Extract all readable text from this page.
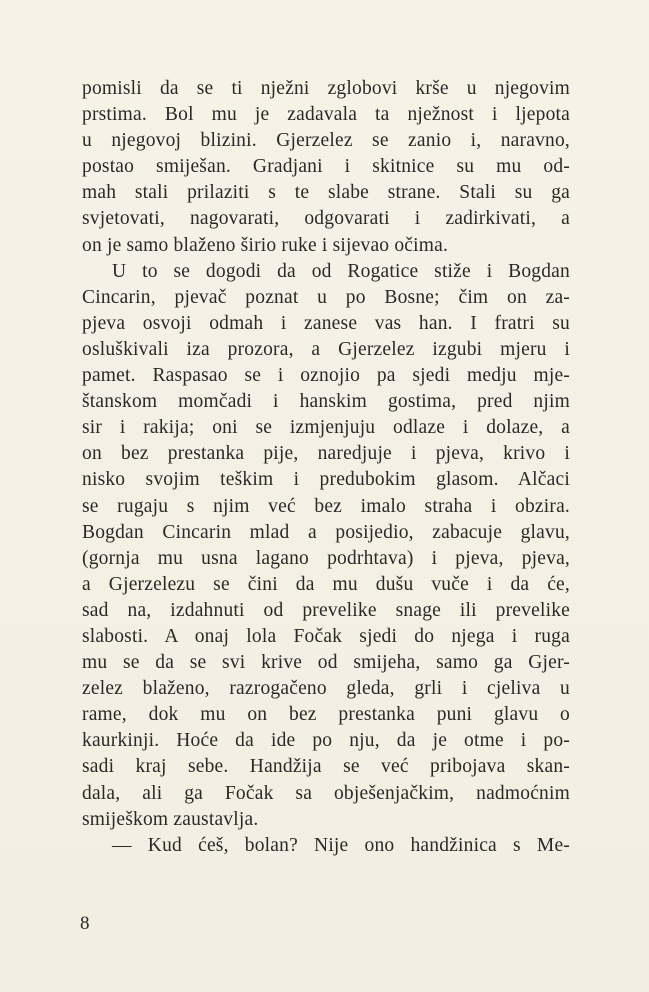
pomisli da se ti nježni zglobovi krše u njegovim
prstima. Bol mu je zadavala ta nježnost i ljepota
u njegovoj blizini. Gjerzelez se zanio i, naravno,
postao smiješan. Gradjani i skitnice su mu od-
mah stali prilaziti s te slabe strane. Stali su ga
svjetovati, nagovarati, odgovarati i zadirkivati, a
on je samo blaženo širio ruke i sijevao očima.
U to se dogodi da od Rogatice stiže i Bogdan
Cincarin, pjevač poznat u po Bosne; čim on za-
pjeva osvoji odmah i zanese vas han. I fratri su
osluškivali iza prozora, a Gjerzelez izgubi mjeru i
pamet. Raspasao se i oznojio pa sjedi medju mje-
štanskom momčadi i hanskim gostima, pred njim
sir i rakija; oni se izmjenjuju odlaze i dolaze, a
on bez prestanka pije, naredjuje i pjeva, krivo i
nisko svojim teškim i predubokim glasom. Alčaci
se rugaju s njim već bez imalo straha i obzira.
Bogdan Cincarin mlad a posijedio, zabacuje glavu,
(gornja mu usna lagano podrhtava) i pjeva, pjeva,
a Gjerzelezu se čini da mu dušu vuče i da će,
sad na, izdahnuti od prevelike snage ili prevelike
slabosti. A onaj lola Fočak sjedi do njega i ruga
mu se da se svi krive od smijeha, samo ga Gjer-
zelez blaženo, razrogačeno gleda, grli i cjeliva u
rame, dok mu on bez prestanka puni glavu o
kaurkinji. Hoće da ide po nju, da je otme i po-
sadi kraj sebe. Handžija se već pribojava skan-
dala, ali ga Fočak sa obješenjačkim, nadmoćnim
smiješkom zaustavlja.
— Kud ćeš, bolan? Nije ono handžinica s Me-
8
